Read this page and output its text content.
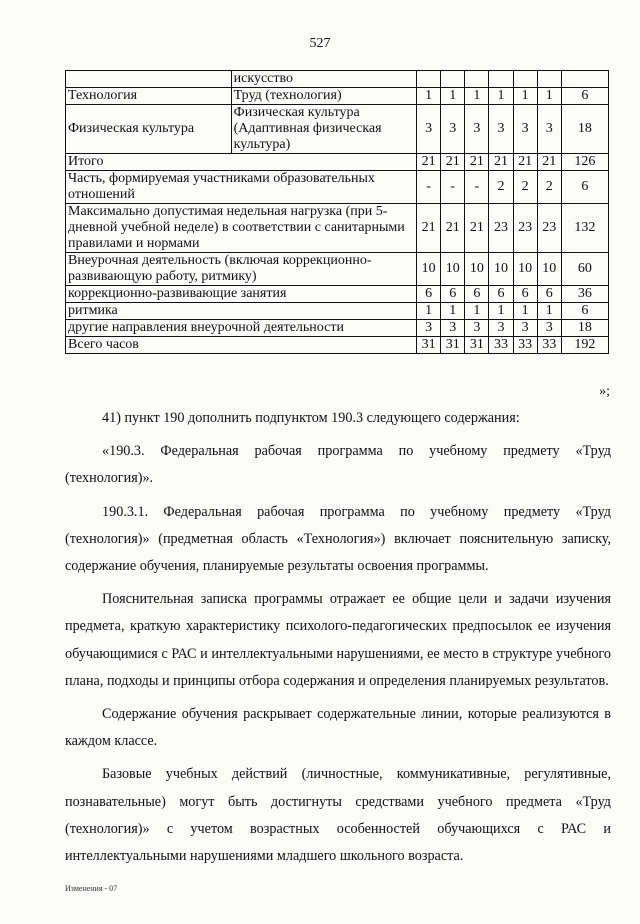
527
	искусство							
Технология	Труд (технология)	1	1	1	1	1	1	6
Физическая культура	Физическая культура (Адаптивная физическая культура)	3	3	3	3	3	3	18
Итого		21	21	21	21	21	21	126
Часть, формируемая участниками образовательных отношений		-	-	-	2	2	2	6
Максимально допустимая недельная нагрузка (при 5-дневной учебной неделе) в соответствии с санитарными правилами и нормами		21	21	21	23	23	23	132
Внеурочная деятельность (включая коррекционно-развивающую работу, ритмику)		10	10	10	10	10	10	60
коррекционно-развивающие занятия		6	6	6	6	6	6	36
ритмика		1	1	1	1	1	1	6
другие направления внеурочной деятельности		3	3	3	3	3	3	18
Всего часов		31	31	31	33	33	33	192
»;

41) пункт 190 дополнить подпунктом 190.3 следующего содержания:

«190.3. Федеральная рабочая программа по учебному предмету «Труд (технология)».

190.3.1. Федеральная рабочая программа по учебному предмету «Труд (технология)» (предметная область «Технология») включает пояснительную записку, содержание обучения, планируемые результаты освоения программы.

Пояснительная записка программы отражает ее общие цели и задачи изучения предмета, краткую характеристику психолого-педагогических предпосылок ее изучения обучающимися с РАС и интеллектуальными нарушениями, ее место в структуре учебного плана, подходы и принципы отбора содержания и определения планируемых результатов.

Содержание обучения раскрывает содержательные линии, которые реализуются в каждом классе.

Базовые учебных действий (личностные, коммуникативные, регулятивные, познавательные) могут быть достигнуты средствами учебного предмета «Труд (технология)» с учетом возрастных особенностей обучающихся с РАС и интеллектуальными нарушениями младшего школьного возраста.

Изменения - 07
